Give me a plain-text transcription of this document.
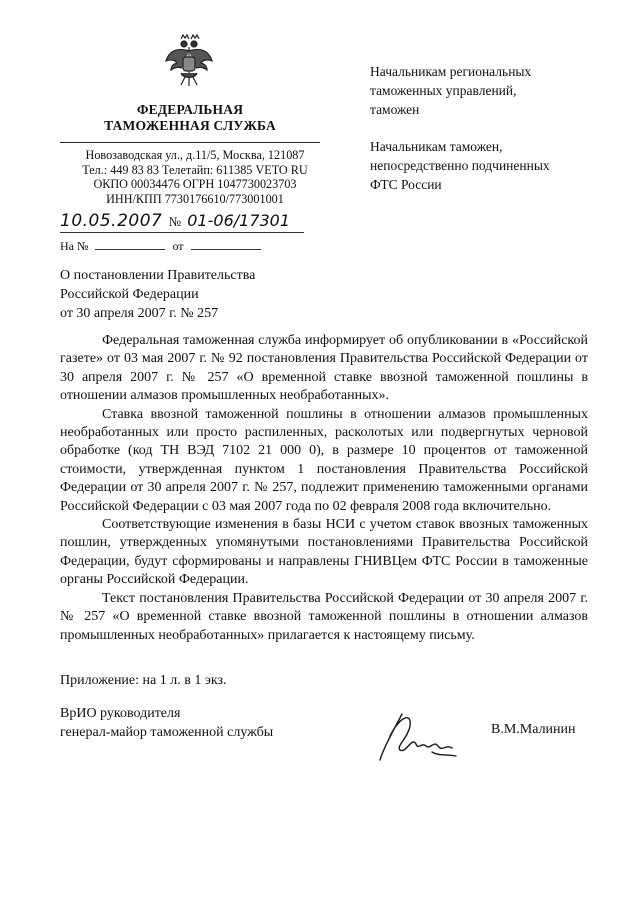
ФЕДЕРАЛЬНАЯ
ТАМОЖЕННАЯ СЛУЖБА
Новозаводская ул., д.11/5, Москва, 121087
Тел.: 449 83 83 Телетайп: 611385 VETO RU
ОКПО 00034476 ОГРН 1047730023703
ИНН/КПП 7730176610/773001001
10.05.2007 № 01-06/17301
На №	от
Начальникам региональных
таможенных управлений,
таможен
Начальникам таможен,
непосредственно подчиненных
ФТС России
О постановлении Правительства
Российской Федерации
от 30 апреля 2007 г. № 257

Федеральная таможенная служба информирует об опубликовании в «Российской газете» от 03 мая 2007 г. № 92 постановления Правительства Российской Федерации от 30 апреля 2007 г. № 257 «О временной ставке ввозной таможенной пошлины в отношении алмазов промышленных необработанных».

Ставка ввозной таможенной пошлины в отношении алмазов промышленных необработанных или просто распиленных, расколотых или подвергнутых черновой обработке (код ТН ВЭД 7102 21 000 0), в размере 10 процентов от таможенной стоимости, утвержденная пунктом 1 постановления Правительства Российской Федерации от 30 апреля 2007 г. № 257, подлежит применению таможенными органами Российской Федерации с 03 мая 2007 года по 02 февраля 2008 года включительно.

Соответствующие изменения в базы НСИ с учетом ставок ввозных таможенных пошлин, утвержденных упомянутыми постановлениями Правительства Российской Федерации, будут сформированы и направлены ГНИВЦем ФТС России в таможенные органы Российской Федерации.

Текст постановления Правительства Российской Федерации от 30 апреля 2007 г. № 257 «О временной ставке ввозной таможенной пошлины в отношении алмазов промышленных необработанных» прилагается к настоящему письму.

Приложение: на 1 л. в 1 экз.
ВрИО руководителя
генерал-майор таможенной службы	В.М.Малинин
